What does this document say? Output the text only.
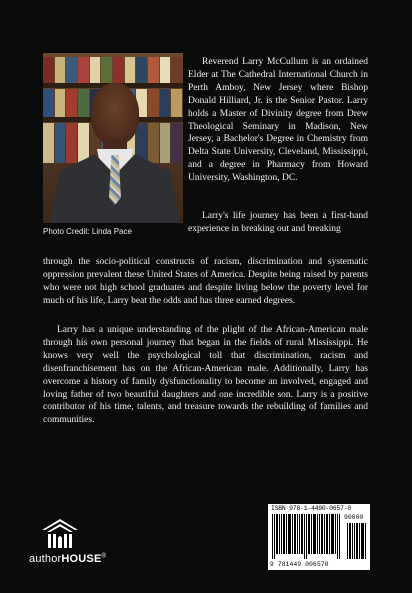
Photo Credit: Linda Pace

Reverend Larry McCullum is an ordained Elder at The Cathedral International Church in Perth Amboy, New Jersey where Bishop Donald Hilliard, Jr. is the Senior Pastor. Larry holds a Master of Divinity degree from Drew Theological Seminary in Madison, New Jersey, a Bachelor's Degree in Chemistry from Delta State University, Cleveland, Mississippi, and a degree in Pharmacy from Howard University, Washington, DC.

Larry's life journey has been a first-hand experience in breaking out and breaking

through the socio-political constructs of racism, discrimination and systematic oppression prevalent these United States of America. Despite being raised by parents who were not high school graduates and despite living below the poverty level for much of his life, Larry beat the odds and has three earned degrees.

Larry has a unique understanding of the plight of the African-American male through his own personal journey that began in the fields of rural Mississippi. He knows very well the psychological toll that discrimination, racism and disenfranchisement has on the African-American male. Additionally, Larry has overcome a history of family dysfunctionality to become an involved, engaged and loving father of two beautiful daughters and one incredible son. Larry is a positive contributor of his time, talents, and treasure towards the rebuilding of families and communities.

ISBN 978-1-4490-0657-0
90000
9 781449 006570
authorHOUSE®
